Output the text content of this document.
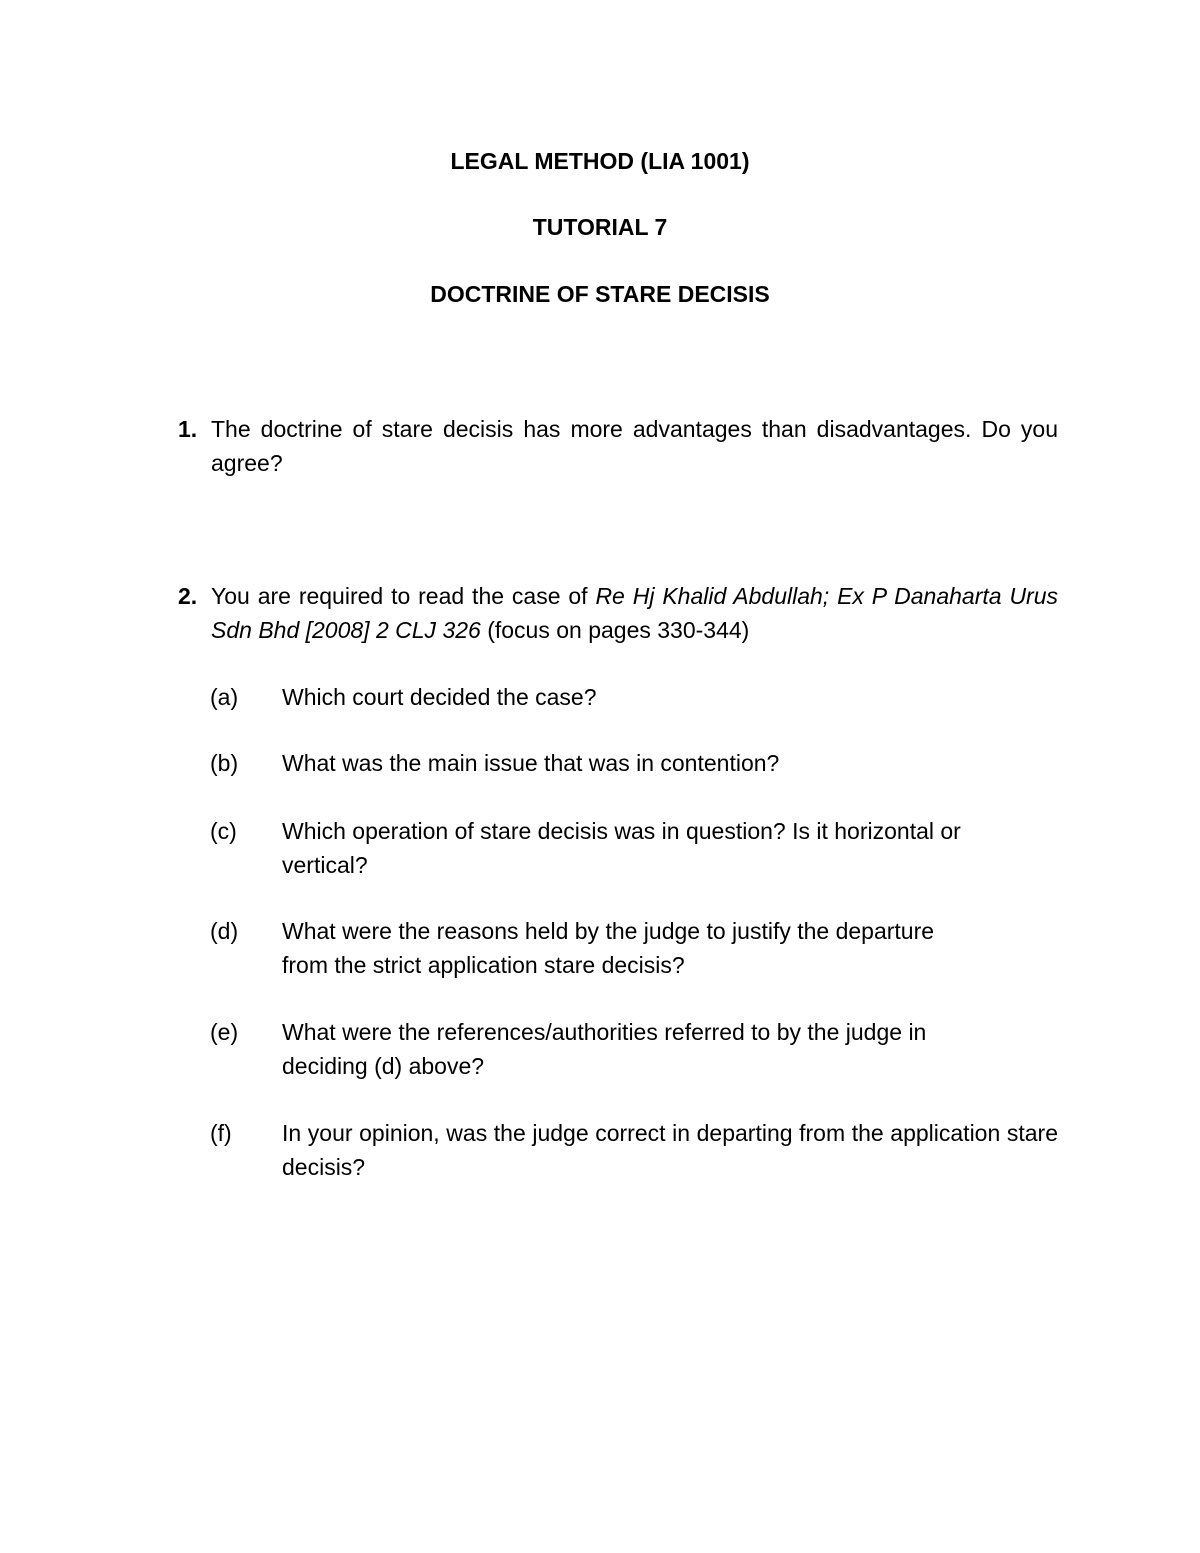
LEGAL METHOD (LIA 1001)
TUTORIAL 7
DOCTRINE OF STARE DECISIS
1. The doctrine of stare decisis has more advantages than disadvantages. Do you agree?
2. You are required to read the case of Re Hj Khalid Abdullah; Ex P Danaharta Urus Sdn Bhd [2008] 2 CLJ 326 (focus on pages 330-344)
(a) Which court decided the case?
(b) What was the main issue that was in contention?
(c) Which operation of stare decisis was in question? Is it horizontal or vertical?
(d) What were the reasons held by the judge to justify the departure from the strict application stare decisis?
(e) What were the references/authorities referred to by the judge in deciding (d) above?
(f) In your opinion, was the judge correct in departing from the application stare decisis?
